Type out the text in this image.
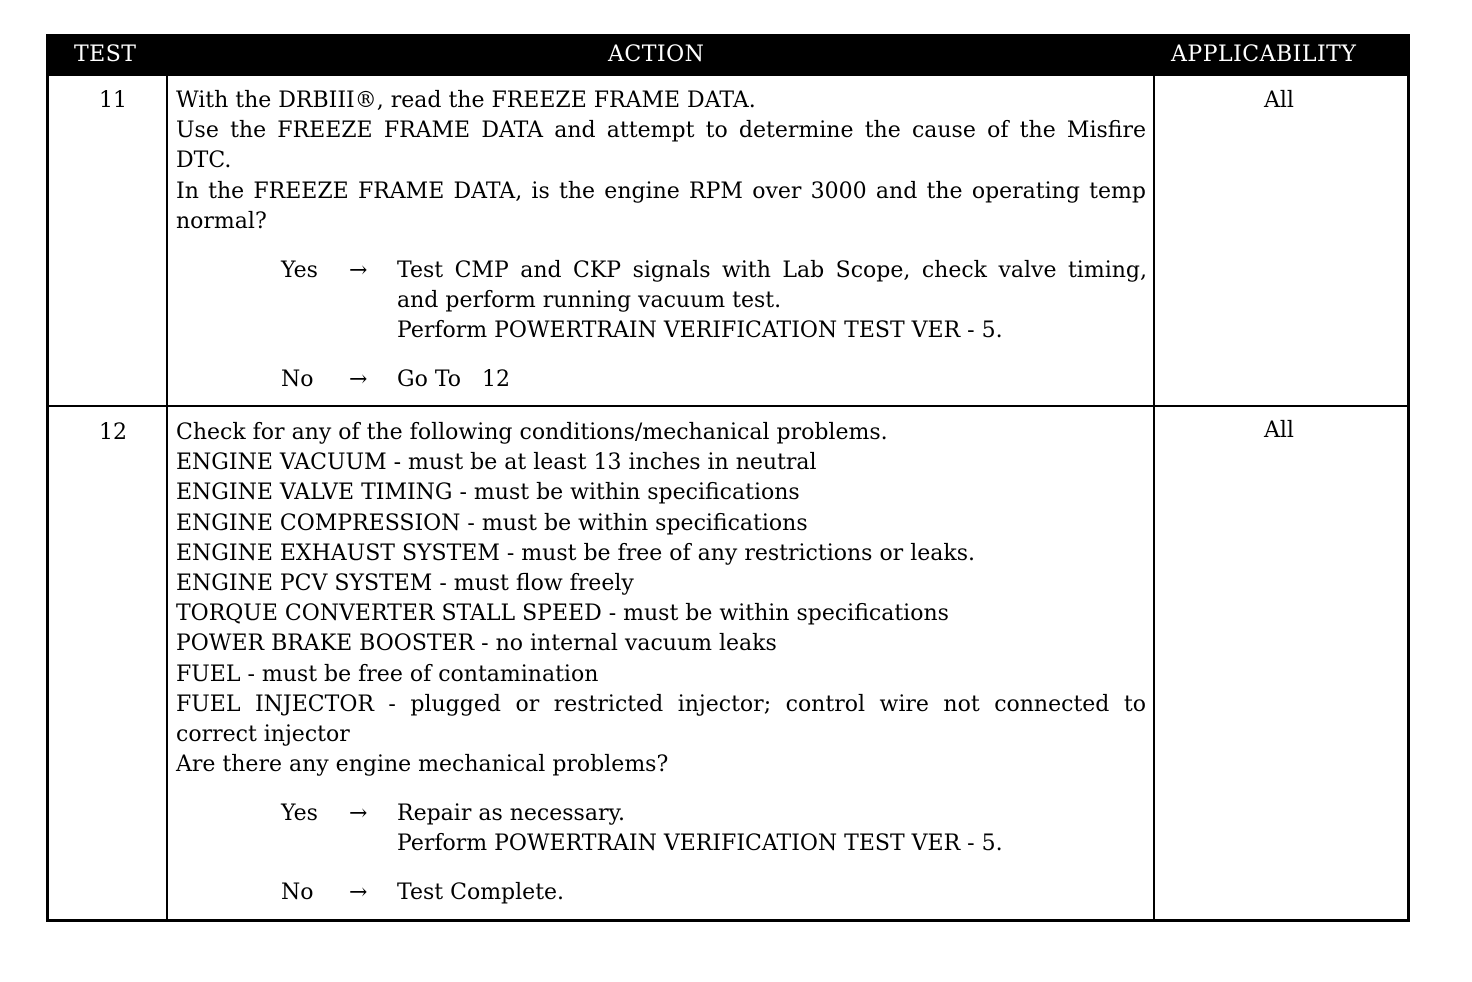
TEST	ACTION	APPLICABILITY
11 With the DRBIII®, read the FREEZE FRAME DATA.

Use the FREEZE FRAME DATA and attempt to determine the cause of the Misfire DTC.

In the FREEZE FRAME DATA, is the engine RPM over 3000 and the operating temp normal?

Yes → Test CMP and CKP signals with Lab Scope, check valve timing, and perform running vacuum test.

Perform POWERTRAIN VERIFICATION TEST VER - 5.

No → Go To   12
All
12 Check for any of the following conditions/mechanical problems.

ENGINE VACUUM - must be at least 13 inches in neutral

ENGINE VALVE TIMING - must be within specifications

ENGINE COMPRESSION - must be within specifications

ENGINE EXHAUST SYSTEM - must be free of any restrictions or leaks.

ENGINE PCV SYSTEM - must flow freely

TORQUE CONVERTER STALL SPEED - must be within specifications

POWER BRAKE BOOSTER - no internal vacuum leaks

FUEL - must be free of contamination

FUEL INJECTOR - plugged or restricted injector; control wire not connected to correct injector

Are there any engine mechanical problems?

Yes → Repair as necessary.

Perform POWERTRAIN VERIFICATION TEST VER - 5.

No → Test Complete.
All
